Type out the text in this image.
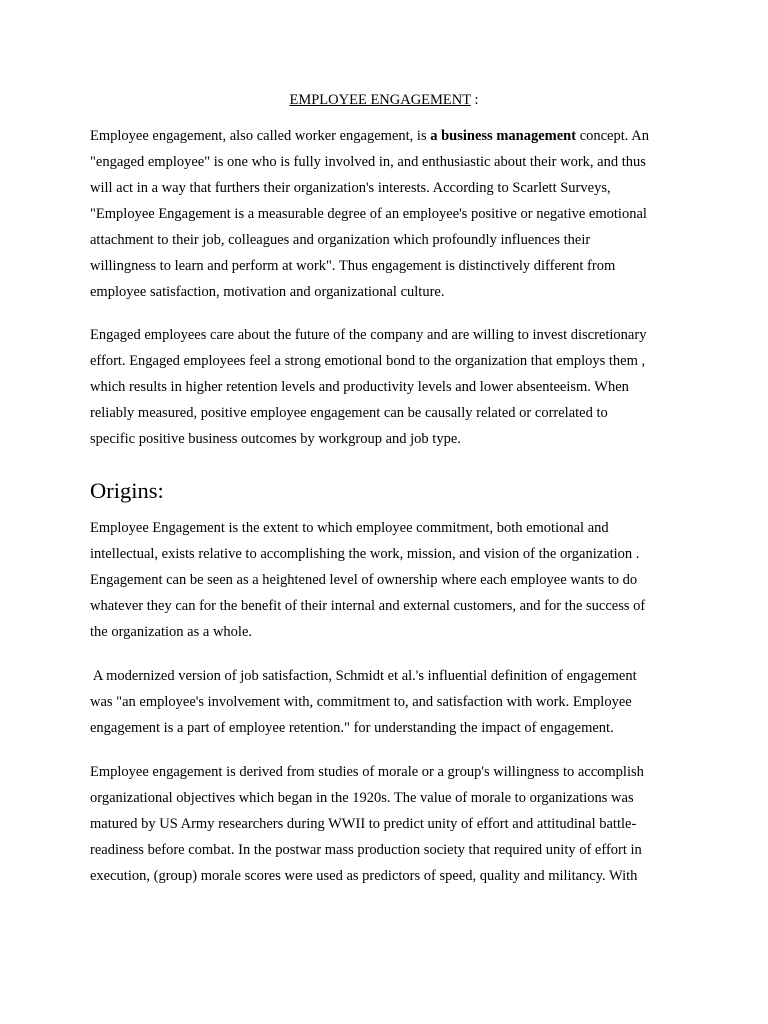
EMPLOYEE ENGAGEMENT :

Employee engagement, also called worker engagement, is a business management concept. An
"engaged employee" is one who is fully involved in, and enthusiastic about their work, and thus
will act in a way that furthers their organization's interests. According to Scarlett Surveys,
"Employee Engagement is a measurable degree of an employee's positive or negative emotional
attachment to their job, colleagues and organization which profoundly influences their
willingness to learn and perform at work". Thus engagement is distinctively different from
employee satisfaction, motivation and organizational culture.

Engaged employees care about the future of the company and are willing to invest discretionary
effort. Engaged employees feel a strong emotional bond to the organization that employs them ,
which results in higher retention levels and productivity levels and lower absenteeism. When
reliably measured, positive employee engagement can be causally related or correlated to
specific positive business outcomes by workgroup and job type.

Origins:

Employee Engagement is the extent to which employee commitment, both emotional and
intellectual, exists relative to accomplishing the work, mission, and vision of the organization .
Engagement can be seen as a heightened level of ownership where each employee wants to do
whatever they can for the benefit of their internal and external customers, and for the success of
the organization as a whole.

A modernized version of job satisfaction, Schmidt et al.'s influential definition of engagement
was "an employee's involvement with, commitment to, and satisfaction with work. Employee
engagement is a part of employee retention." for understanding the impact of engagement.

Employee engagement is derived from studies of morale or a group's willingness to accomplish
organizational objectives which began in the 1920s. The value of morale to organizations was
matured by US Army researchers during WWII to predict unity of effort and attitudinal battle-
readiness before combat. In the postwar mass production society that required unity of effort in
execution, (group) morale scores were used as predictors of speed, quality and militancy. With
